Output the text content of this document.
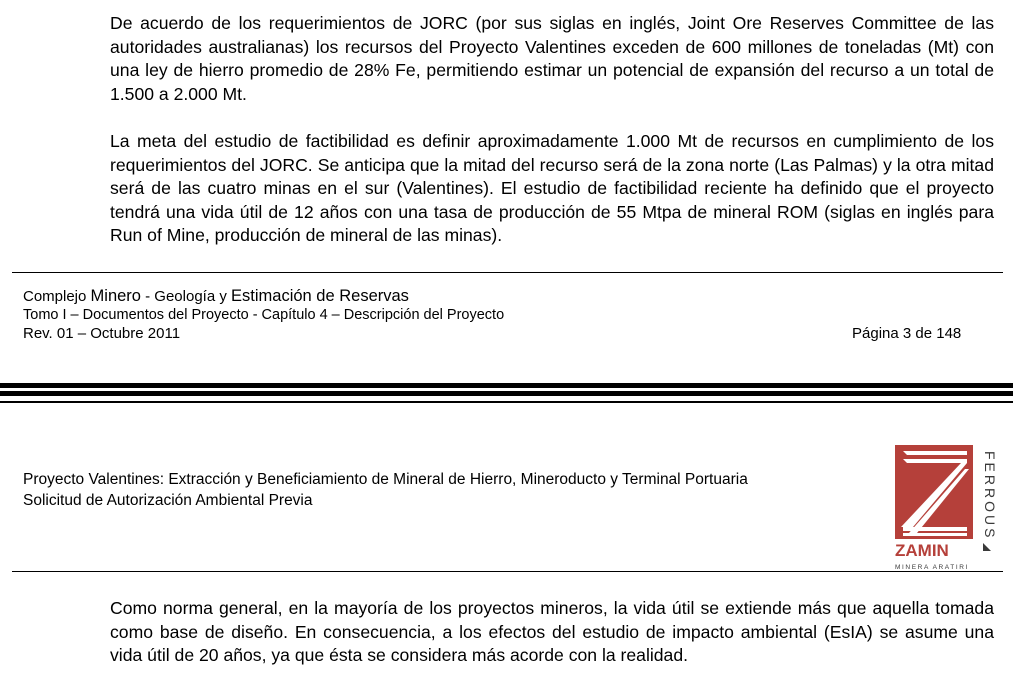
De acuerdo de los requerimientos de JORC (por sus siglas en inglés, Joint Ore Reserves Committee de las autoridades australianas) los recursos del Proyecto Valentines exceden de 600 millones de toneladas (Mt) con una ley de hierro promedio de 28% Fe, permitiendo estimar un potencial de expansión del recurso a un total de 1.500 a 2.000 Mt.

La meta del estudio de factibilidad es definir aproximadamente 1.000 Mt de recursos en cumplimiento de los requerimientos del JORC. Se anticipa que la mitad del recurso será de la zona norte (Las Palmas) y la otra mitad será de las cuatro minas en el sur (Valentines). El estudio de factibilidad reciente ha definido que el proyecto tendrá una vida útil de 12 años con una tasa de producción de 55 Mtpa de mineral ROM (siglas en inglés para Run of Mine, producción de mineral de las minas).

Complejo Minero - Geología y Estimación de Reservas
Tomo I – Documentos del Proyecto - Capítulo 4 – Descripción del Proyecto
Rev. 01 – Octubre 2011	Página 3 de 148
Proyecto Valentines: Extracción y Beneficiamiento de Mineral de Hierro, Mineroducto y Terminal Portuaria
Solicitud de Autorización Ambiental Previa	FERROUS
ZAMIN
MINERA ARATIRI

Como norma general, en la mayoría de los proyectos mineros, la vida útil se extiende más que aquella tomada como base de diseño. En consecuencia, a los efectos del estudio de impacto ambiental (EsIA) se asume una vida útil de 20 años, ya que ésta se considera más acorde con la realidad.
